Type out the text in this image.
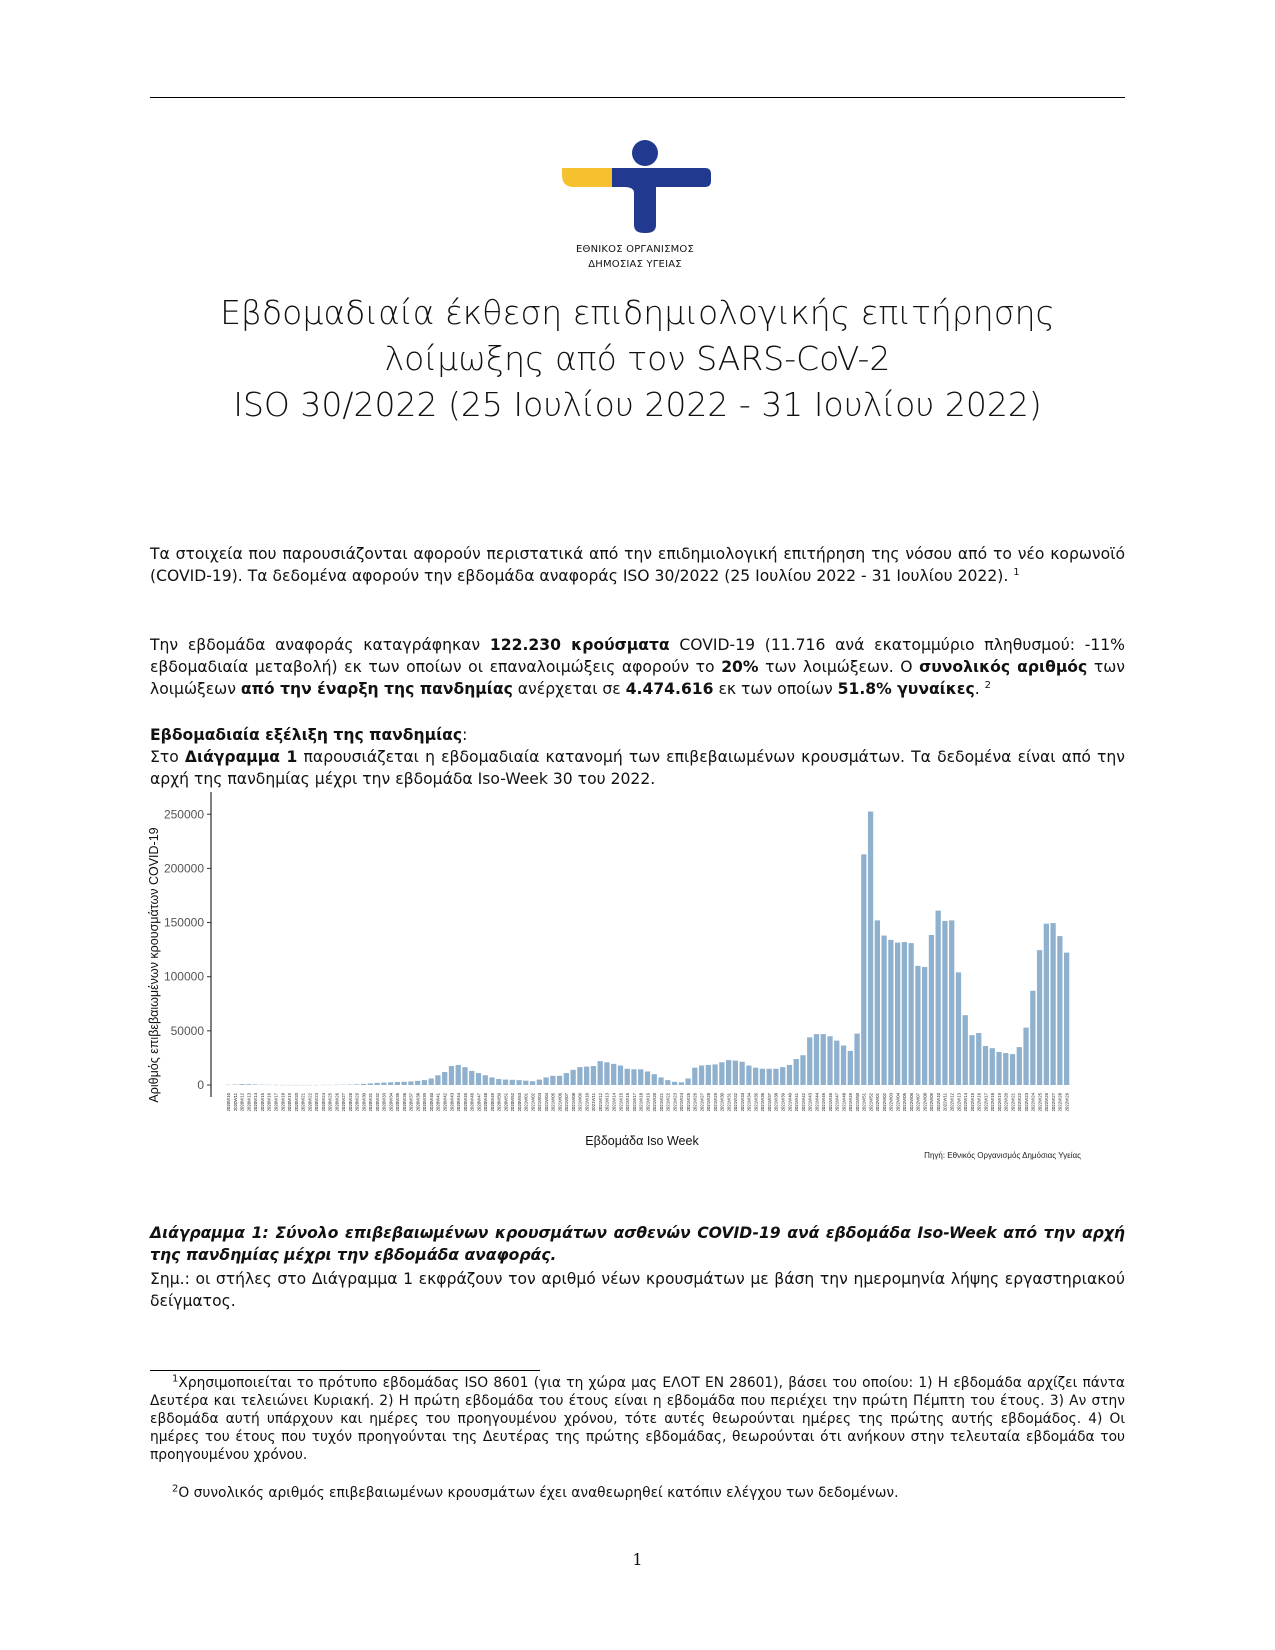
ΕΘΝΙΚΟΣ ΟΡΓΑΝΙΣΜΟΣ
ΔΗΜΟΣΙΑΣ ΥΓΕΙΑΣ
Εβδομαδιαία έκθεση επιδημιολογικής επιτήρησης
λοίμωξης από τον SARS-CoV-2
ISO 30/2022 (25 Ιουλίου 2022 - 31 Ιουλίου 2022)
Τα στοιχεία που παρουσιάζονται αφορούν περιστατικά από την επιδημιολογική επιτήρηση της νόσου από το νέο κορωνοϊό (COVID-19). Τα δεδομένα αφορούν την εβδομάδα αναφοράς ISO 30/2022 (25 Ιουλίου 2022 - 31 Ιουλίου 2022). $^1$
Την εβδομάδα αναφοράς καταγράφηκαν 122.230 κρούσματα COVID-19 (11.716 ανά εκατομμύριο πληθυσμού: -11% εβδομαδιαία μεταβολή) εκ των οποίων οι επαναλοιμώξεις αφορούν το 20% των λοιμώξεων. Ο συνολικός αριθμός των λοιμώξεων από την έναρξη της πανδημίας ανέρχεται σε 4.474.616 εκ των οποίων 51.8% γυναίκες. $^2$
Εβδομαδιαία εξέλιξη της πανδημίας:
Στο Διάγραμμα 1 παρουσιάζεται η εβδομαδιαία κατανομή των επιβεβαιωμένων κρουσμάτων. Τα δεδομένα είναι από την αρχή της πανδημίας μέχρι την εβδομάδα Iso-Week 30 του 2022.
0
50000
100000
150000
200000
250000
Αριθμός επιβεβαιωμένων κρουσμάτων COVID-19	2020W10 2020W11 2020W12 2020W13 2020W14 2020W15 2020W16 2020W17 2020W18 2020W19 2020W20 2020W21 2020W22 2020W23 2020W24 2020W25 2020W26 2020W27 2020W28 2020W29 2020W30 2020W31 2020W32 2020W33 2020W34 2020W35 2020W36 2020W37 2020W38 2020W39 2020W40 2020W41 2020W42 2020W43 2020W44 2020W45 2020W46 2020W47 2020W48 2020W49 2020W50 2020W51 2020W52 2020W53 2021W01 2021W02 2021W03 2021W04 2021W05 2021W06 2021W07 2021W08 2021W09 2021W10 2021W11 2021W12 2021W13 2021W14 2021W15 2021W16 2021W17 2021W18 2021W19 2021W20 2021W21 2021W22 2021W23 2021W24 2021W25 2021W26 2021W27 2021W28 2021W29 2021W30 2021W31 2021W32 2021W33 2021W34 2021W35 2021W36 2021W37 2021W38 2021W39 2021W40 2021W41 2021W42 2021W43 2021W44 2021W45 2021W46 2021W47 2021W48 2021W49 2021W50 2021W51 2021W52 2022W01 2022W02 2022W03 2022W04 2022W05 2022W06 2022W07 2022W08 2022W09 2022W10 2022W11 2022W12 2022W13 2022W14 2022W15 2022W16 2022W17 2022W18 2022W19 2022W20 2022W21 2022W22 2022W23 2022W24 2022W25 2022W26 2022W27 2022W28 2022W29
Εβδομάδα Iso Week
Πηγή: Εθνικός Οργανισμός Δημόσιας Υγείας
Διάγραμμα 1: Σύνολο επιβεβαιωμένων κρουσμάτων ασθενών COVID-19 ανά εβδομάδα Iso-Week από την αρχή της πανδημίας μέχρι την εβδομάδα αναφοράς.
Σημ.: οι στήλες στο Διάγραμμα 1 εκφράζουν τον αριθμό νέων κρουσμάτων με βάση την ημερομηνία λήψης εργαστηριακού δείγματος.
$^1$Χρησιμοποιείται το πρότυπο εβδομάδας ISO 8601 (για τη χώρα μας ΕΛΟΤ ΕΝ 28601), βάσει του οποίου: 1) Η εβδομάδα αρχίζει πάντα Δευτέρα και τελειώνει Κυριακή. 2) Η πρώτη εβδομάδα του έτους είναι η εβδομάδα που περιέχει την πρώτη Πέμπτη του έτους. 3) Αν στην εβδομάδα αυτή υπάρχουν και ημέρες του προηγουμένου χρόνου, τότε αυτές θεωρούνται ημέρες της πρώτης αυτής εβδομάδος. 4) Οι ημέρες του έτους που τυχόν προηγούνται της Δευτέρας της πρώτης εβδομάδας, θεωρούνται ότι ανήκουν στην τελευταία εβδομάδα του προηγουμένου χρόνου.
$^2$Ο συνολικός αριθμός επιβεβαιωμένων κρουσμάτων έχει αναθεωρηθεί κατόπιν ελέγχου των δεδομένων.
1
